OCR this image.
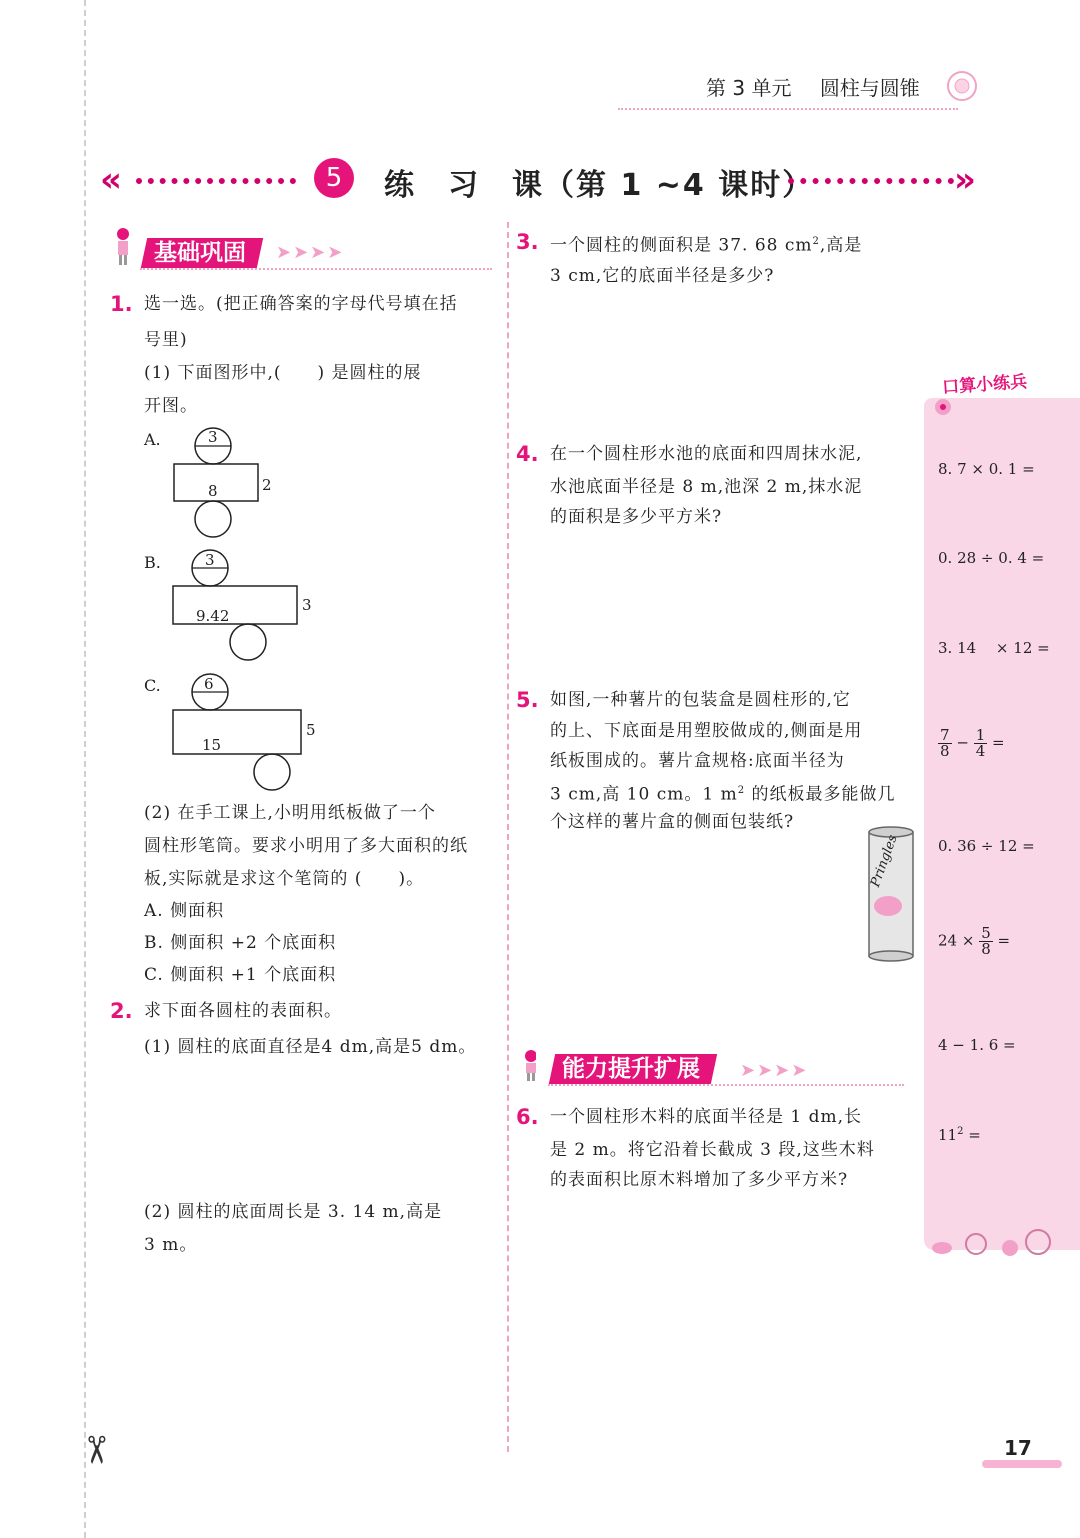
✂
第 3 单元 圆柱与圆锥
«	5	练　习　课（第 1 ~4 课时）	»
基础巩固	➤➤➤➤
1. 选一选。(把正确答案的字母代号填在括
号里)
(1) 下面图形中,(　　) 是圆柱的展
开图。
A.	3
8	2
B.	3
9.42
3
C.	6
15
5
(2) 在手工课上,小明用纸板做了一个
圆柱形笔筒。要求小明用了多大面积的纸
板,实际就是求这个笔筒的 (　　)。
A. 侧面积
B. 侧面积 +2 个底面积
C. 侧面积 +1 个底面积
2. 求下面各圆柱的表面积。
(1) 圆柱的底面直径是4 dm,高是5 dm。
(2) 圆柱的底面周长是 3. 14 m,高是
3 m。
3. 一个圆柱的侧面积是 37. 68 $cm^2$,高是
3 cm,它的底面半径是多少?
4. 在一个圆柱形水池的底面和四周抹水泥,
水池底面半径是 8 m,池深 2 m,抹水泥
的面积是多少平方米?
5. 如图,一种薯片的包装盒是圆柱形的,它
的上、下底面是用塑胶做成的,侧面是用
纸板围成的。薯片盒规格:底面半径为
3 cm,高 10 cm。1 $m^2$ 的纸板最多能做几
个这样的薯片盒的侧面包装纸?
Pringles
能力提升扩展	➤➤➤➤
6. 一个圆柱形木料的底面半径是 1 dm,长
是 2 m。将它沿着长截成 3 段,这些木料
的表面积比原木料增加了多少平方米?
口算小练兵
8. 7 × 0. 1 =
0. 28 ÷ 0. 4 =
3. 14 　× 12 =
$\frac{7}{8} - \frac{1}{4}$ =
0. 36 ÷ 12 =
$24 \times \frac{5}{8}$ =
4 − 1. 6 =
$11^2$ =
17
